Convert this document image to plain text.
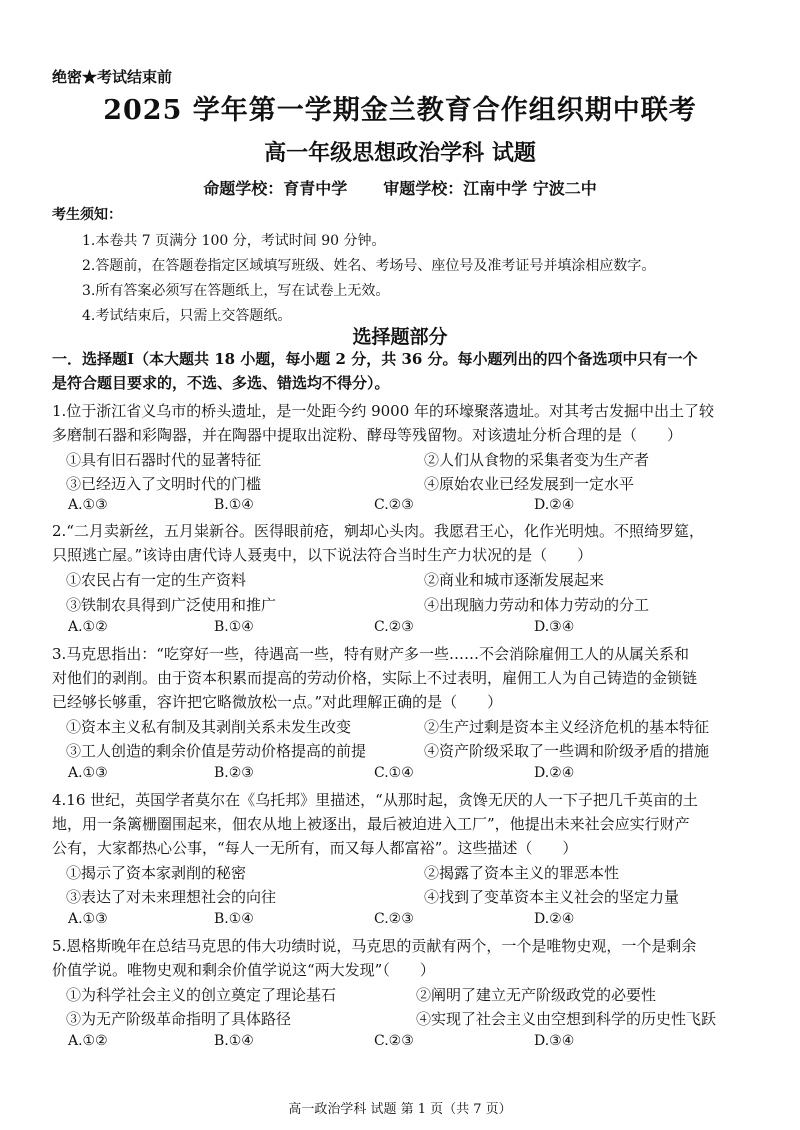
绝密★考试结束前
2025 学年第一学期金兰教育合作组织期中联考
高一年级思想政治学科 试题
命题学校：育青中学 审题学校：江南中学 宁波二中
考生须知：
1.本卷共 7 页满分 100 分，考试时间 90 分钟。
2.答题前，在答题卷指定区域填写班级、姓名、考场号、座位号及准考证号并填涂相应数字。
3.所有答案必须写在答题纸上，写在试卷上无效。
4.考试结束后，只需上交答题纸。
选择题部分
一．选择题Ⅰ（本大题共 18 小题，每小题 2 分，共 36 分。每小题列出的四个备选项中只有一个
是符合题目要求的，不选、多选、错选均不得分）。
1.位于浙江省义乌市的桥头遗址，是一处距今约 9000 年的环壕聚落遗址。对其考古发掘中出土了较
多磨制石器和彩陶器，并在陶器中提取出淀粉、酵母等残留物。对该遗址分析合理的是（　　）
①具有旧石器时代的显著特征	②人们从食物的采集者变为生产者
③已经迈入了文明时代的门槛	④原始农业已经发展到一定水平
A.①③	B.①④	C.②③	D.②④
2.“二月卖新丝，五月粜新谷。医得眼前疮，剜却心头肉。我愿君王心，化作光明烛。不照绮罗筵，
只照逃亡屋。”该诗由唐代诗人聂夷中，以下说法符合当时生产力状况的是（　　）
①农民占有一定的生产资料	②商业和城市逐渐发展起来
③铁制农具得到广泛使用和推广	④出现脑力劳动和体力劳动的分工
A.①②	B.①④	C.②③	D.③④
3.马克思指出：“吃穿好一些，待遇高一些，特有财产多一些……不会消除雇佣工人的从属关系和
对他们的剥削。由于资本积累而提高的劳动价格，实际上不过表明，雇佣工人为自己铸造的金锁链
已经够长够重，容许把它略微放松一点。”对此理解正确的是（　　）
①资本主义私有制及其剥削关系未发生改变	②生产过剩是资本主义经济危机的基本特征
③工人创造的剩余价值是劳动价格提高的前提	④资产阶级采取了一些调和阶级矛盾的措施
A.①③	B.②③	C.①④	D.②④
4.16 世纪，英国学者莫尔在《乌托邦》里描述，“从那时起，贪馋无厌的人一下子把几千英亩的土
地，用一条篱栅圈围起来，佃农从地上被逐出，最后被迫进入工厂”，他提出未来社会应实行财产
公有，大家都热心公事，“每人一无所有，而又每人都富裕”。这些描述（　　）
①揭示了资本家剥削的秘密	②揭露了资本主义的罪恶本性
③表达了对未来理想社会的向往	④找到了变革资本主义社会的坚定力量
A.①③	B.①④	C.②③	D.②④
5.恩格斯晚年在总结马克思的伟大功绩时说，马克思的贡献有两个，一个是唯物史观，一个是剩余
价值学说。唯物史观和剩余价值学说这“两大发现”（　　）
①为科学社会主义的创立奠定了理论基石	②阐明了建立无产阶级政党的必要性
③为无产阶级革命指明了具体路径	④实现了社会主义由空想到科学的历史性飞跃
A.①②	B.①④	C.②③	D.③④
高一政治学科 试题 第 1 页（共 7 页）
